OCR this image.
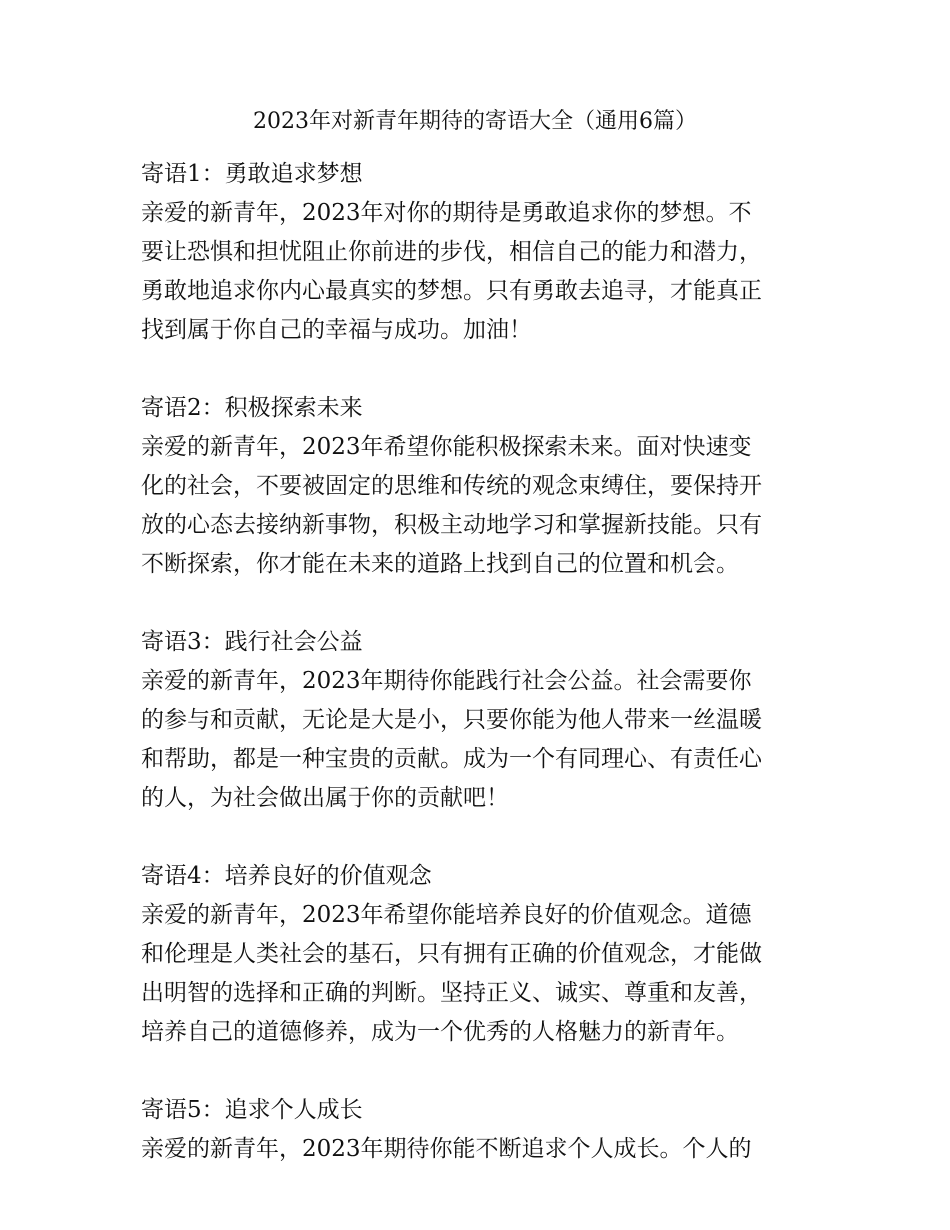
2023年对新青年期待的寄语大全（通用6篇）

寄语1：勇敢追求梦想

亲爱的新青年，2023年对你的期待是勇敢追求你的梦想。不
要让恐惧和担忧阻止你前进的步伐，相信自己的能力和潜力，
勇敢地追求你内心最真实的梦想。只有勇敢去追寻，才能真正
找到属于你自己的幸福与成功。加油！

寄语2：积极探索未来

亲爱的新青年，2023年希望你能积极探索未来。面对快速变
化的社会，不要被固定的思维和传统的观念束缚住，要保持开
放的心态去接纳新事物，积极主动地学习和掌握新技能。只有
不断探索，你才能在未来的道路上找到自己的位置和机会。

寄语3：践行社会公益

亲爱的新青年，2023年期待你能践行社会公益。社会需要你
的参与和贡献，无论是大是小，只要你能为他人带来一丝温暖
和帮助，都是一种宝贵的贡献。成为一个有同理心、有责任心
的人，为社会做出属于你的贡献吧！

寄语4：培养良好的价值观念

亲爱的新青年，2023年希望你能培养良好的价值观念。道德
和伦理是人类社会的基石，只有拥有正确的价值观念，才能做
出明智的选择和正确的判断。坚持正义、诚实、尊重和友善，
培养自己的道德修养，成为一个优秀的人格魅力的新青年。

寄语5：追求个人成长

亲爱的新青年，2023年期待你能不断追求个人成长。个人的
